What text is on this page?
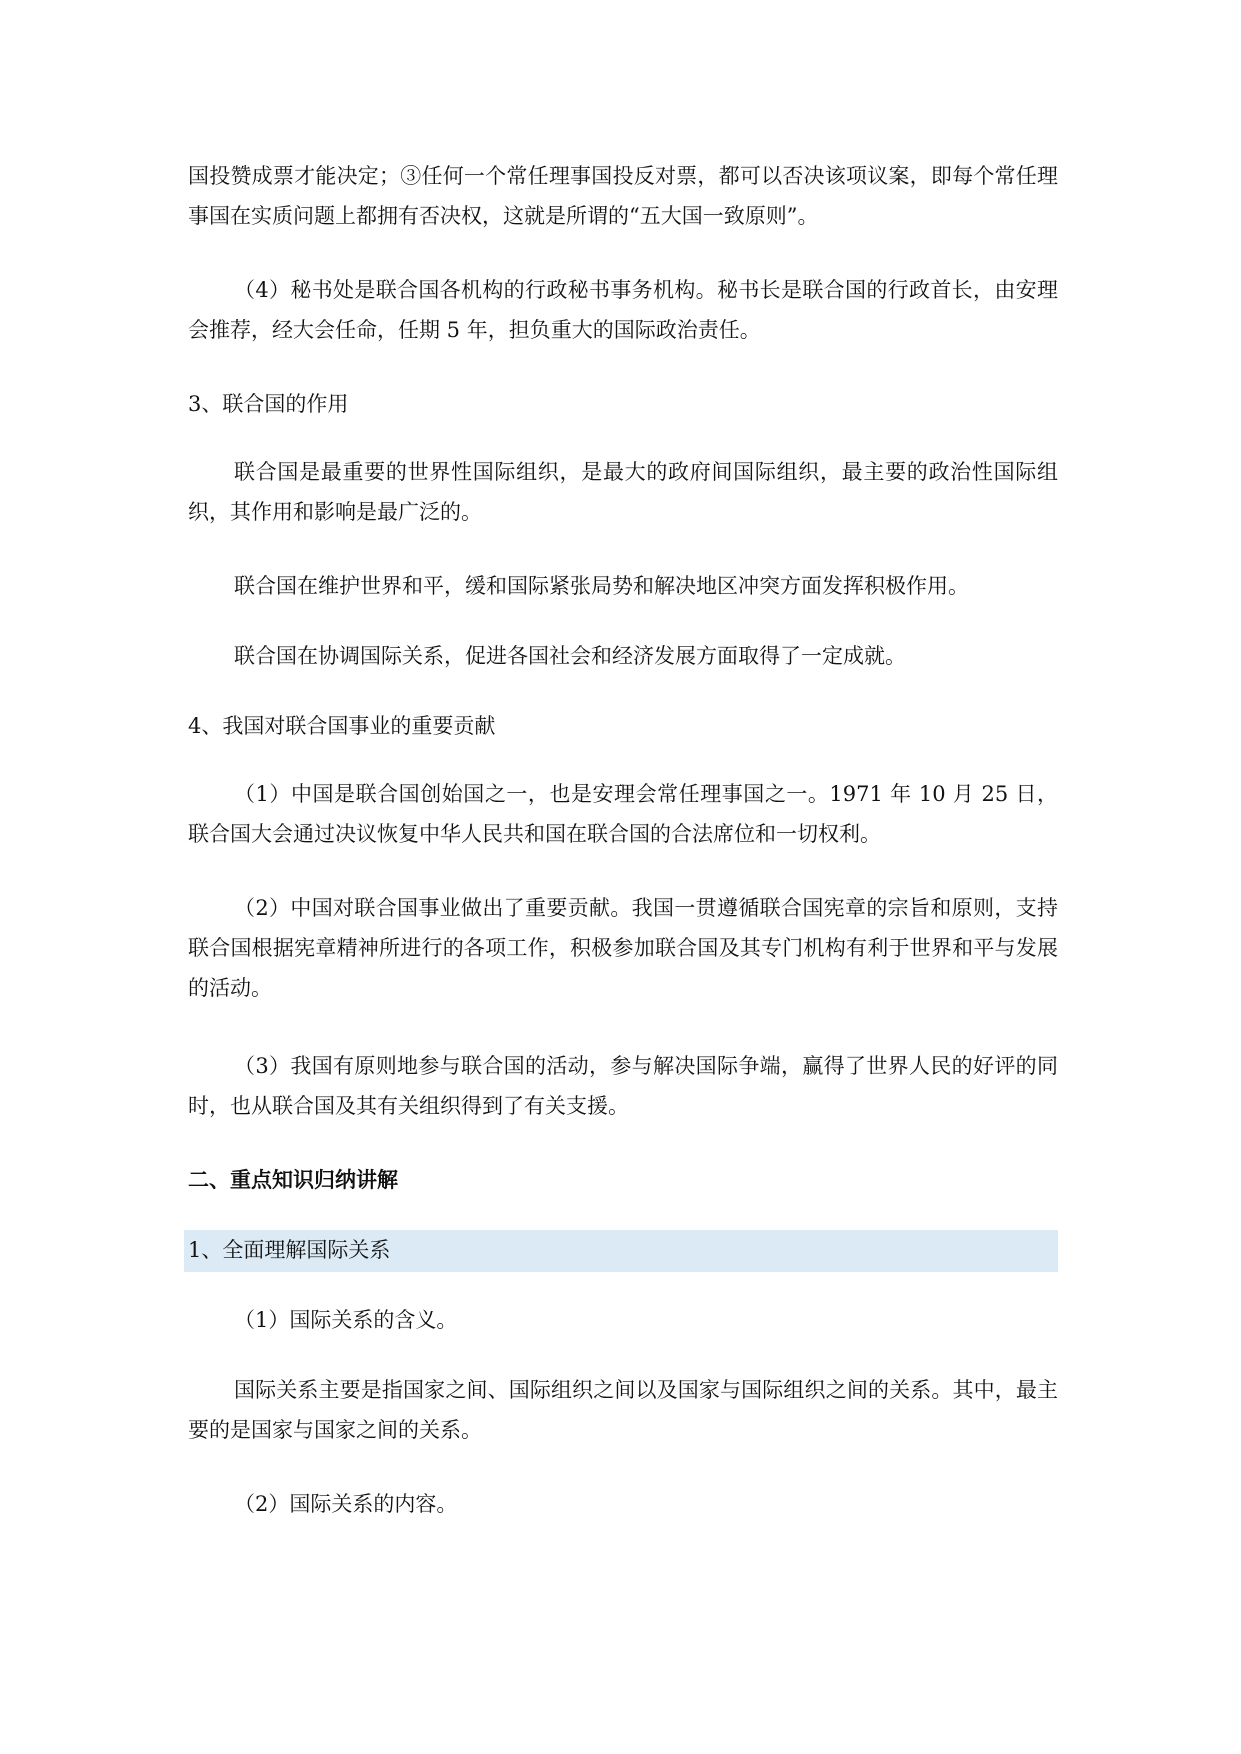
国投赞成票才能决定；③任何一个常任理事国投反对票，都可以否决该项议案，即每个常任理事国在实质问题上都拥有否决权，这就是所谓的“五大国一致原则”。

（4）秘书处是联合国各机构的行政秘书事务机构。秘书长是联合国的行政首长，由安理会推荐，经大会任命，任期 5 年，担负重大的国际政治责任。

3、联合国的作用

联合国是最重要的世界性国际组织，是最大的政府间国际组织，最主要的政治性国际组织，其作用和影响是最广泛的。

联合国在维护世界和平，缓和国际紧张局势和解决地区冲突方面发挥积极作用。

联合国在协调国际关系，促进各国社会和经济发展方面取得了一定成就。

4、我国对联合国事业的重要贡献

（1）中国是联合国创始国之一，也是安理会常任理事国之一。1971 年 10 月 25 日，联合国大会通过决议恢复中华人民共和国在联合国的合法席位和一切权利。

（2）中国对联合国事业做出了重要贡献。我国一贯遵循联合国宪章的宗旨和原则，支持联合国根据宪章精神所进行的各项工作，积极参加联合国及其专门机构有利于世界和平与发展的活动。

（3）我国有原则地参与联合国的活动，参与解决国际争端，赢得了世界人民的好评的同时，也从联合国及其有关组织得到了有关支援。

二、重点知识归纳讲解

1、全面理解国际关系

（1）国际关系的含义。

国际关系主要是指国家之间、国际组织之间以及国家与国际组织之间的关系。其中，最主要的是国家与国家之间的关系。

（2）国际关系的内容。
